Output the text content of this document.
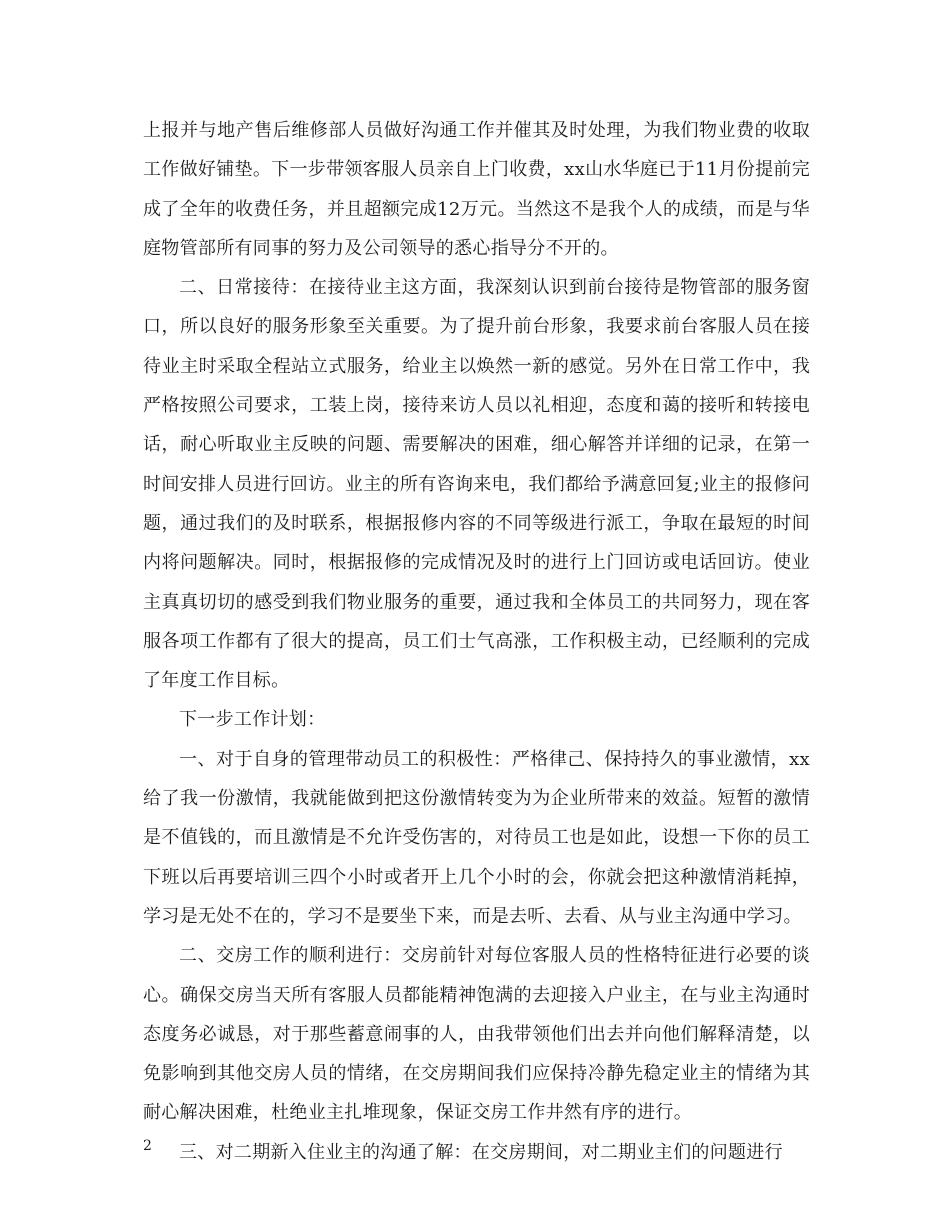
上报并与地产售后维修部人员做好沟通工作并催其及时处理，为我们物业费的收取工作做好铺垫。下一步带领客服人员亲自上门收费，xx山水华庭已于11月份提前完成了全年的收费任务，并且超额完成12万元。当然这不是我个人的成绩，而是与华庭物管部所有同事的努力及公司领导的悉心指导分不开的。

二、日常接待：在接待业主这方面，我深刻认识到前台接待是物管部的服务窗口，所以良好的服务形象至关重要。为了提升前台形象，我要求前台客服人员在接待业主时采取全程站立式服务，给业主以焕然一新的感觉。另外在日常工作中，我严格按照公司要求，工装上岗，接待来访人员以礼相迎，态度和蔼的接听和转接电话，耐心听取业主反映的问题、需要解决的困难，细心解答并详细的记录，在第一时间安排人员进行回访。业主的所有咨询来电，我们都给予满意回复;业主的报修问题，通过我们的及时联系，根据报修内容的不同等级进行派工，争取在最短的时间内将问题解决。同时，根据报修的完成情况及时的进行上门回访或电话回访。使业主真真切切的感受到我们物业服务的重要，通过我和全体员工的共同努力，现在客服各项工作都有了很大的提高，员工们士气高涨，工作积极主动，已经顺利的完成了年度工作目标。

下一步工作计划：

一、对于自身的管理带动员工的积极性：严格律己、保持持久的事业激情，xx给了我一份激情，我就能做到把这份激情转变为为企业所带来的效益。短暂的激情是不值钱的，而且激情是不允许受伤害的，对待员工也是如此，设想一下你的员工下班以后再要培训三四个小时或者开上几个小时的会，你就会把这种激情消耗掉，学习是无处不在的，学习不是要坐下来，而是去听、去看、从与业主沟通中学习。

二、交房工作的顺利进行：交房前针对每位客服人员的性格特征进行必要的谈心。确保交房当天所有客服人员都能精神饱满的去迎接入户业主，在与业主沟通时态度务必诚恳，对于那些蓄意闹事的人，由我带领他们出去并向他们解释清楚，以免影响到其他交房人员的情绪，在交房期间我们应保持冷静先稳定业主的情绪为其耐心解决困难，杜绝业主扎堆现象，保证交房工作井然有序的进行。

三、对二期新入住业主的沟通了解：在交房期间，对二期业主们的问题进行

2
